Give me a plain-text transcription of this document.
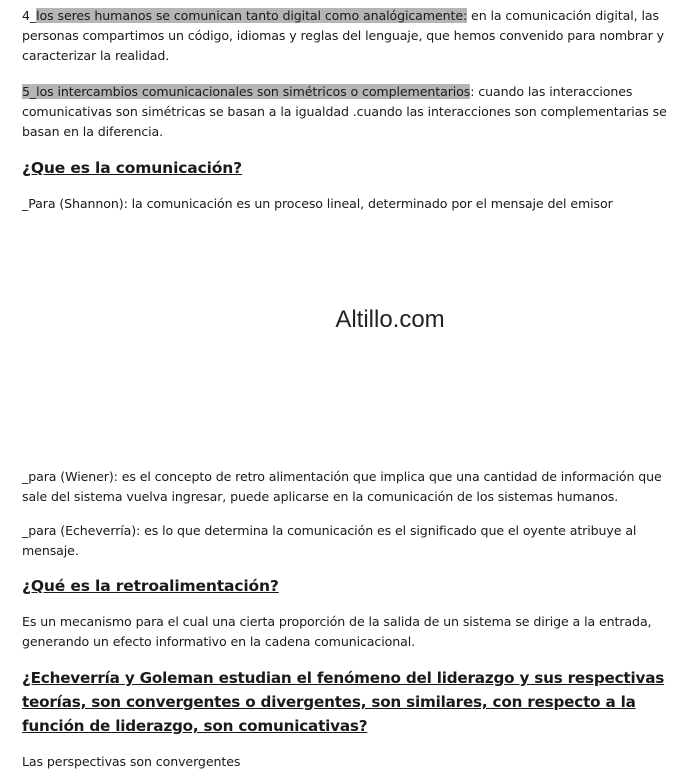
4_los seres humanos se comunican tanto digital como analógicamente: en la comunicación digital, las personas compartimos un código, idiomas y reglas del lenguaje, que hemos convenido para nombrar y caracterizar la realidad.

5_los intercambios comunicacionales son simétricos o complementarios: cuando las interacciones comunicativas son simétricas se basan a la igualdad .cuando las interacciones son complementarias se basan en la diferencia.

¿Que es la comunicación?

_Para (Shannon): la comunicación es un proceso lineal, determinado por el mensaje del emisor

Altillo.com

_para (Wiener): es el concepto de retro alimentación que implica que una cantidad de información que sale del sistema vuelva ingresar, puede aplicarse en la comunicación de los sistemas humanos.

_para (Echeverría): es lo que determina la comunicación es el significado que el oyente atribuye al mensaje.

¿Qué es la retroalimentación?

Es un mecanismo para el cual una cierta proporción de la salida de un sistema se dirige a la entrada, generando un efecto informativo en la cadena comunicacional.

¿Echeverría y Goleman estudian el fenómeno del liderazgo y sus respectivas teorías, son convergentes o divergentes, son similares, con respecto a la función de liderazgo, son comunicativas?

Las perspectivas son convergentes
